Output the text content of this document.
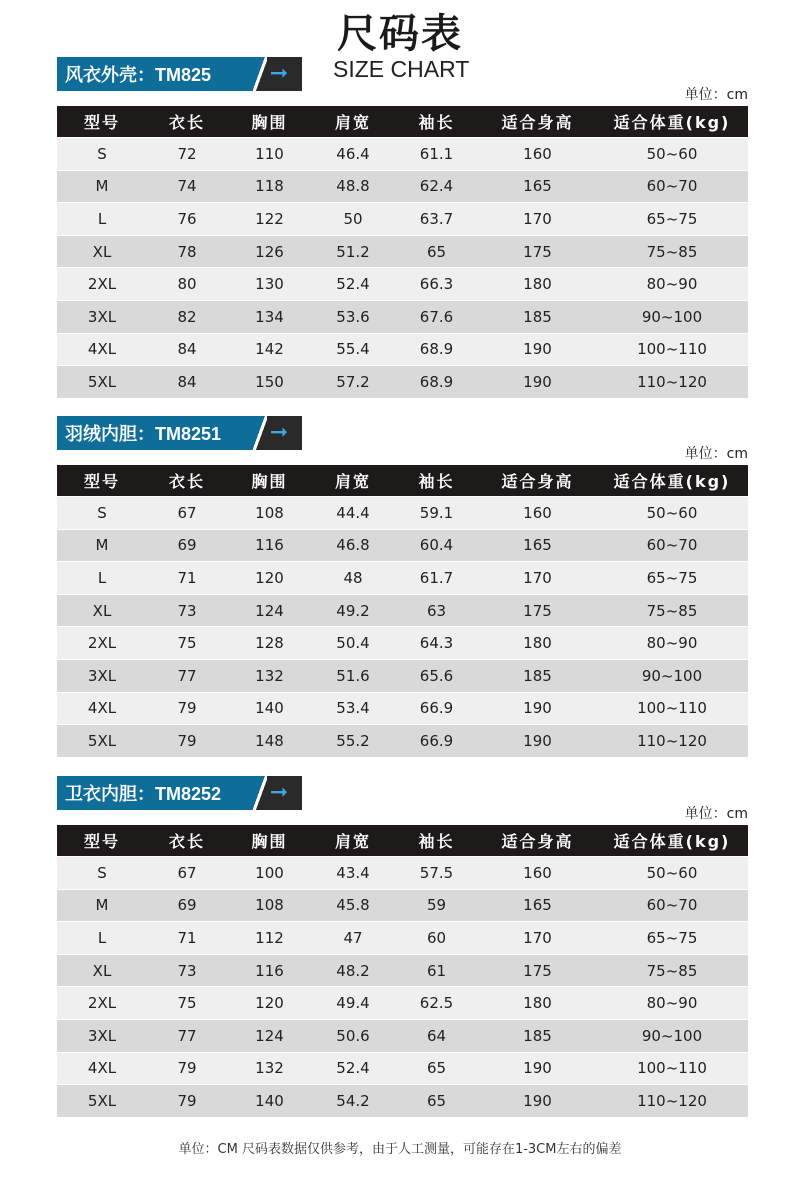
尺码表
SIZE CHART
风衣外壳：TM825	➞
单位：cm
型号	衣长	胸围	肩宽	袖长	适合身高	适合体重(kg)
S	72	110	46.4	61.1	160	50~60
M	74	118	48.8	62.4	165	60~70
L	76	122	50	63.7	170	65~75
XL	78	126	51.2	65	175	75~85
2XL	80	130	52.4	66.3	180	80~90
3XL	82	134	53.6	67.6	185	90~100
4XL	84	142	55.4	68.9	190	100~110
5XL	84	150	57.2	68.9	190	110~120
羽绒内胆：TM8251 ➞
单位：cm
型号	衣长	胸围	肩宽	袖长	适合身高	适合体重(kg)
S	67	108	44.4	59.1	160	50~60
M	69	116	46.8	60.4	165	60~70
L	71	120	48	61.7	170	65~75
XL	73	124	49.2	63	175	75~85
2XL	75	128	50.4	64.3	180	80~90
3XL	77	132	51.6	65.6	185	90~100
4XL	79	140	53.4	66.9	190	100~110
5XL	79	148	55.2	66.9	190	110~120
卫衣内胆：TM8252 ➞
单位：cm
型号	衣长	胸围	肩宽	袖长	适合身高	适合体重(kg)
S	67	100	43.4	57.5	160	50~60
M	69	108	45.8	59	165	60~70
L	71	112	47	60	170	65~75
XL	73	116	48.2	61	175	75~85
2XL	75	120	49.4	62.5	180	80~90
3XL	77	124	50.6	64	185	90~100
4XL	79	132	52.4	65	190	100~110
5XL	79	140	54.2	65	190	110~120
单位：CM 尺码表数据仅供参考，由于人工测量，可能存在1-3CM左右的偏差
